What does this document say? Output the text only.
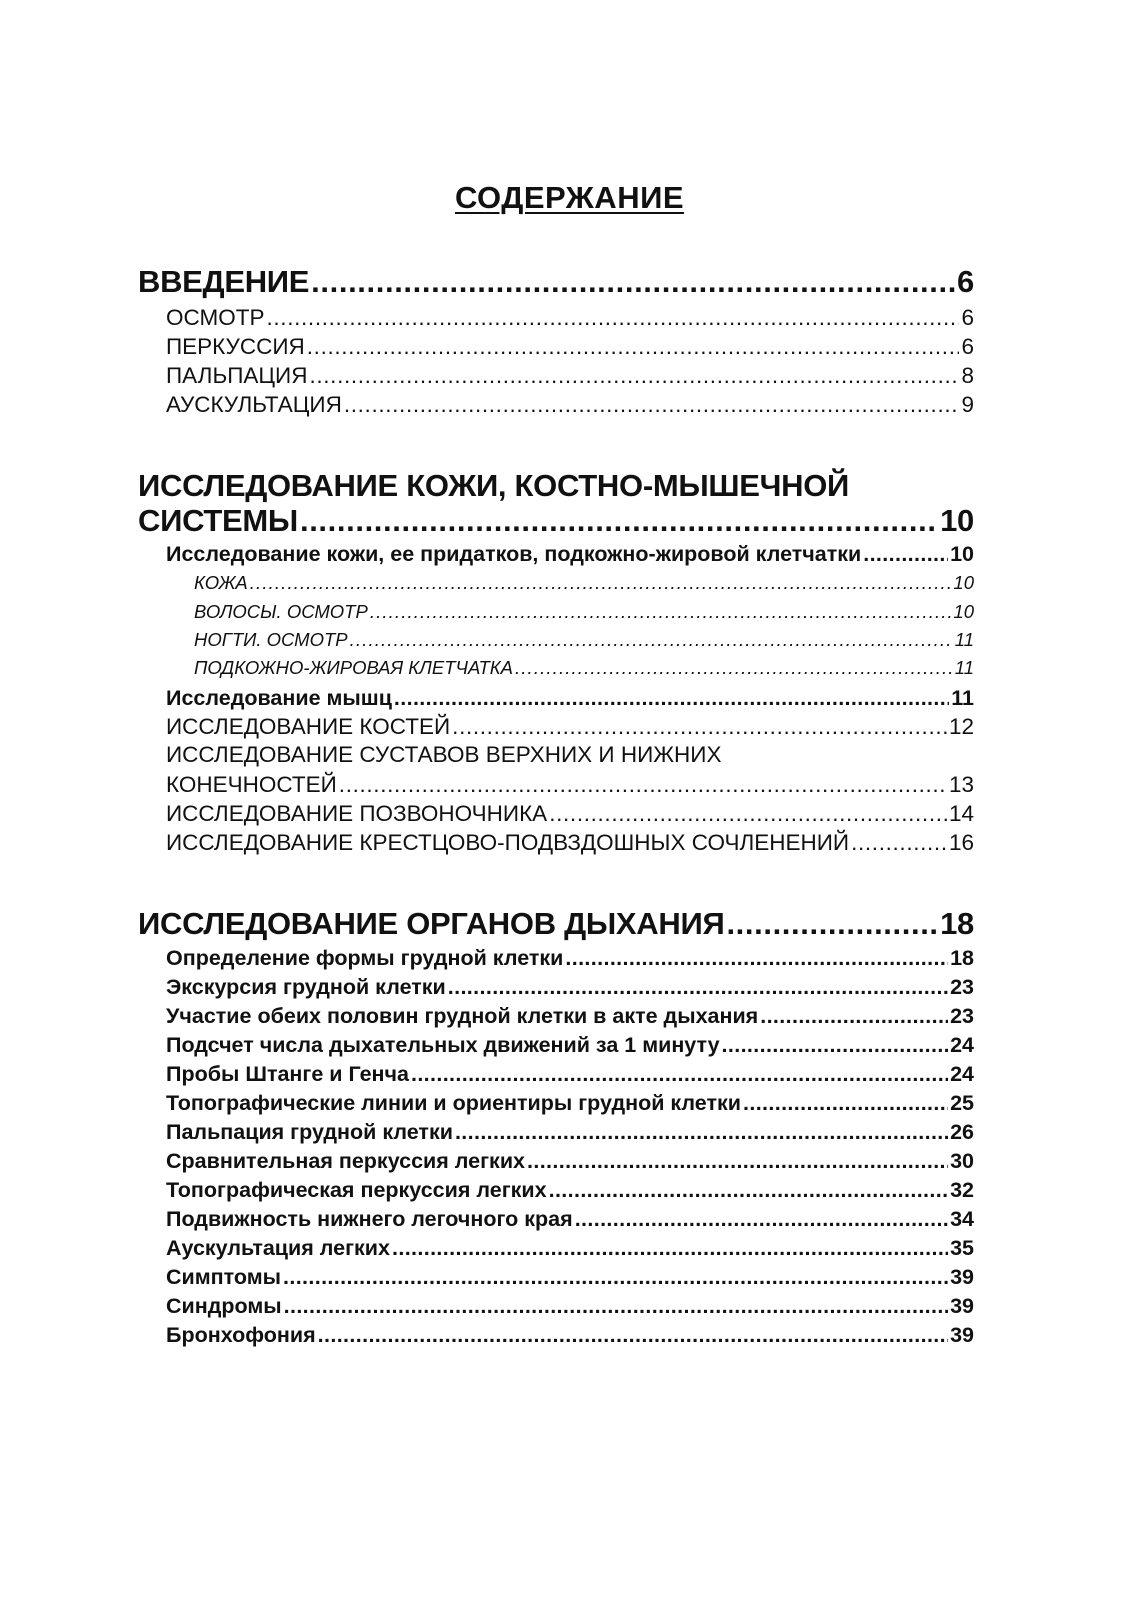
СОДЕРЖАНИЕ
ВВЕДЕНИЕ . . .	6
ОСМОТР . . .	6
ПЕРКУССИЯ . . .	6
ПАЛЬПАЦИЯ . . .	8
АУСКУЛЬТАЦИЯ . . .	9
ИССЛЕДОВАНИЕ КОЖИ, КОСТНО-МЫШЕЧНОЙ
СИСТЕМЫ . . .	10
Исследование кожи, ее придатков, подкожно-жировой клетчатки . . .	10
КОЖА . . .	10
ВОЛОСЫ. ОСМОТР . . .	10
НОГТИ. ОСМОТР . . .	11
ПОДКОЖНО-ЖИРОВАЯ КЛЕТЧАТКА . . .	11
Исследование мышц . . .	11
ИССЛЕДОВАНИЕ КОСТЕЙ . . .	12
ИССЛЕДОВАНИЕ СУСТАВОВ ВЕРХНИХ И НИЖНИХ
КОНЕЧНОСТЕЙ . . .	13
ИССЛЕДОВАНИЕ ПОЗВОНОЧНИКА . . .	14
ИССЛЕДОВАНИЕ КРЕСТЦОВО-ПОДВЗДОШНЫХ СОЧЛЕНЕНИЙ . . .	16
ИССЛЕДОВАНИЕ ОРГАНОВ ДЫХАНИЯ . . .	18
Определение формы грудной клетки . . .	18
Экскурсия грудной клетки . . .	23
Участие обеих половин грудной клетки в акте дыхания . . .	23
Подсчет числа дыхательных движений за 1 минуту . . .	24
Пробы Штанге и Генча . . .	24
Топографические линии и ориентиры грудной клетки . . .	25
Пальпация грудной клетки . . .	26
Сравнительная перкуссия легких . . .	30
Топографическая перкуссия легких . . .	32
Подвижность нижнего легочного края . . .	34
Аускультация легких . . .	35
Симптомы . . .	39
Синдромы . . .	39
Бронхофония . . .	39
